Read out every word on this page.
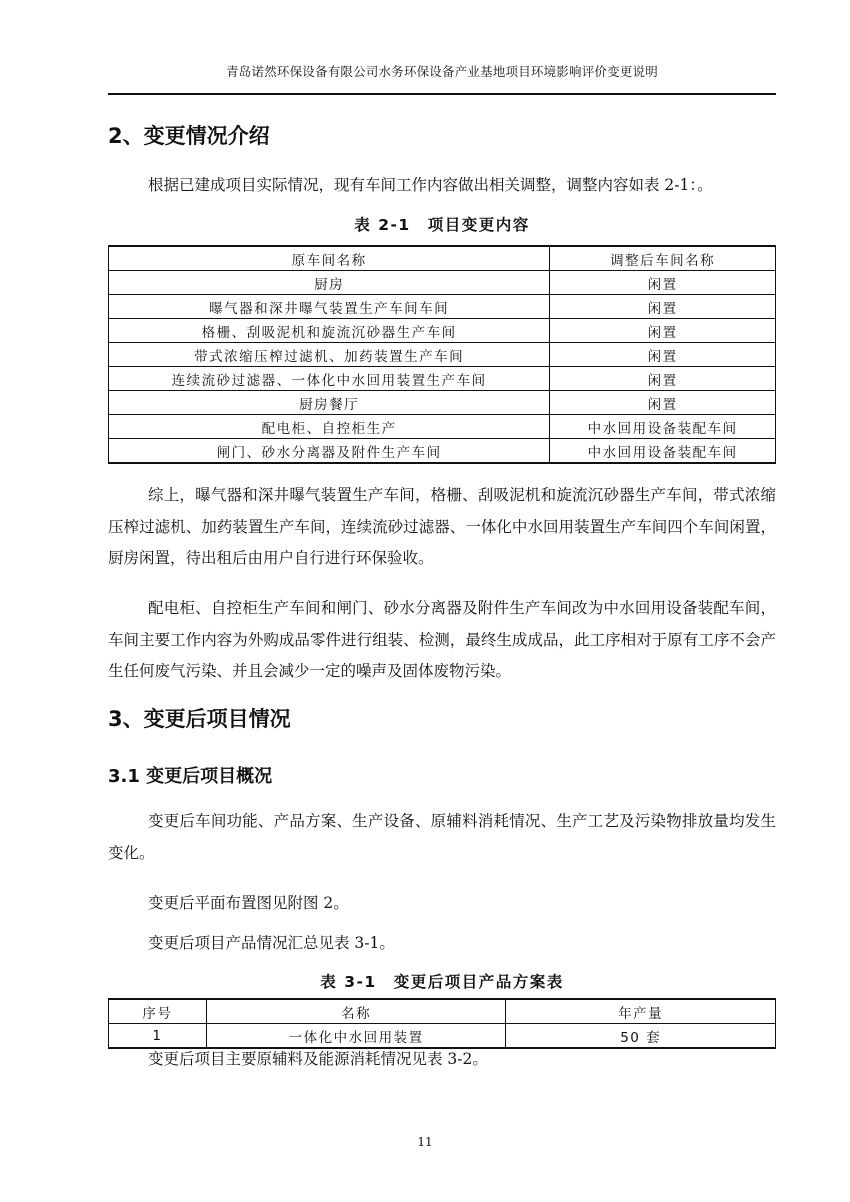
青岛诺然环保设备有限公司水务环保设备产业基地项目环境影响评价变更说明
2、变更情况介绍

根据已建成项目实际情况，现有车间工作内容做出相关调整，调整内容如表 2-1：。

表 2-1　项目变更内容
原车间名称	调整后车间名称
厨房	闲置
曝气器和深井曝气装置生产车间车间	闲置
格栅、刮吸泥机和旋流沉砂器生产车间	闲置
带式浓缩压榨过滤机、加药装置生产车间	闲置
连续流砂过滤器、一体化中水回用装置生产车间	闲置
厨房餐厅	闲置
配电柜、自控柜生产	中水回用设备装配车间
闸门、砂水分离器及附件生产车间	中水回用设备装配车间

综上，曝气器和深井曝气装置生产车间，格栅、刮吸泥机和旋流沉砂器生产车间，带式浓缩压榨过滤机、加药装置生产车间，连续流砂过滤器、一体化中水回用装置生产车间四个车间闲置，厨房闲置，待出租后由用户自行进行环保验收。

配电柜、自控柜生产车间和闸门、砂水分离器及附件生产车间改为中水回用设备装配车间，车间主要工作内容为外购成品零件进行组装、检测，最终生成成品，此工序相对于原有工序不会产生任何废气污染、并且会减少一定的噪声及固体废物污染。

3、变更后项目情况
3.1 变更后项目概况

变更后车间功能、产品方案、生产设备、原辅料消耗情况、生产工艺及污染物排放量均发生变化。

变更后平面布置图见附图 2。

变更后项目产品情况汇总见表 3-1。

表 3-1　变更后项目产品方案表
序号	名称	年产量
1	一体化中水回用装置	50 套

变更后项目主要原辅料及能源消耗情况见表 3-2。

11
